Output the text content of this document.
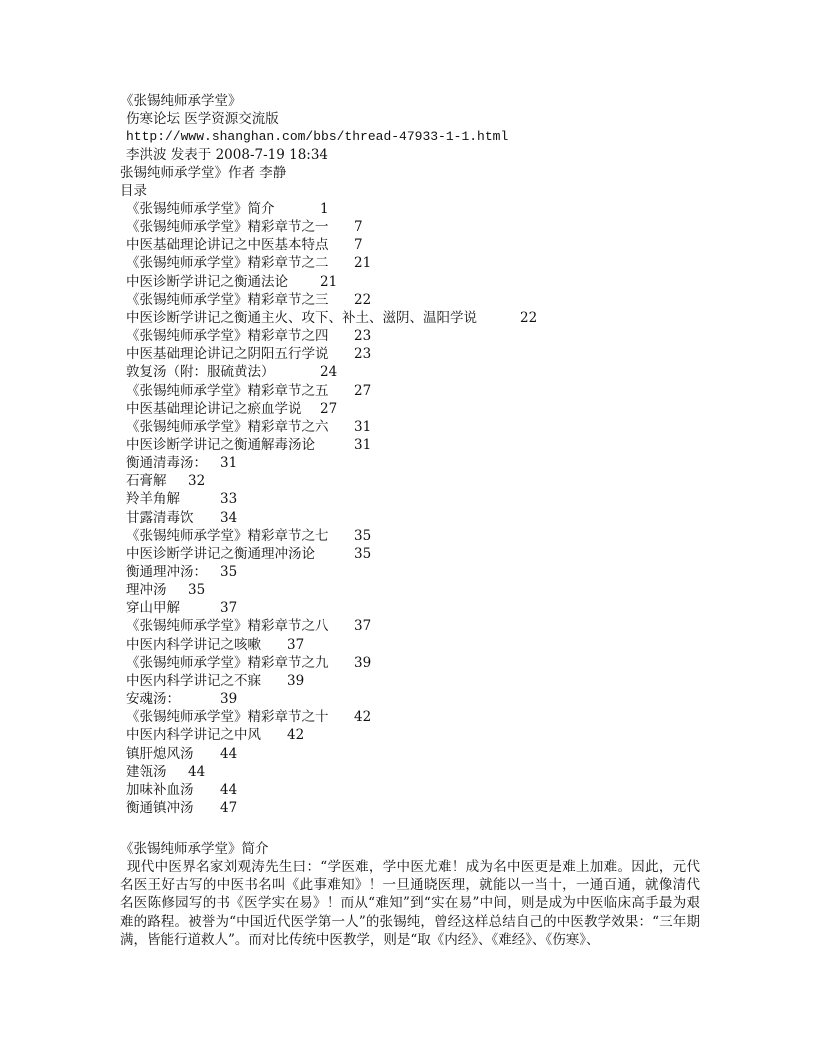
《张锡纯师承学堂》
伤寒论坛 医学资源交流版
http://www.shanghan.com/bbs/thread-47933-1-1.html
李洪波 发表于 2008-7-19 18:34
张锡纯师承学堂》作者 李静
目录
《张锡纯师承学堂》简介	1
《张锡纯师承学堂》精彩章节之一 7
中医基础理论讲记之中医基本特点 7
《张锡纯师承学堂》精彩章节之二 21
中医诊断学讲记之衡通法论 21
《张锡纯师承学堂》精彩章节之三 22
中医诊断学讲记之衡通主火、攻下、补土、滋阴、温阳学说	22
《张锡纯师承学堂》精彩章节之四 23
中医基础理论讲记之阴阳五行学说 23
敦复汤（附：服硫黄法）	24
《张锡纯师承学堂》精彩章节之五 27
中医基础理论讲记之瘀血学说 27
《张锡纯师承学堂》精彩章节之六 31
中医诊断学讲记之衡通解毒汤论	31
衡通清毒汤： 31
石膏解 32
羚羊角解	33
甘露清毒饮 34
《张锡纯师承学堂》精彩章节之七 35
中医诊断学讲记之衡通理冲汤论	35
衡通理冲汤： 35
理冲汤 35
穿山甲解	37
《张锡纯师承学堂》精彩章节之八 37
中医内科学讲记之咳嗽 37
《张锡纯师承学堂》精彩章节之九 39
中医内科学讲记之不寐 39
安魂汤：	39
《张锡纯师承学堂》精彩章节之十 42
中医内科学讲记之中风 42
镇肝熄风汤 44
建瓴汤 44
加味补血汤 44
衡通镇冲汤 47
《张锡纯师承学堂》简介

现代中医界名家刘观涛先生曰：“学医难，学中医尤难！成为名中医更是难上加难。因此，元代名医王好古写的中医书名叫《此事难知》！一旦通晓医理，就能以一当十，一通百通，就像清代名医陈修园写的书《医学实在易》！而从“难知”到“实在易”中间，则是成为中医临床高手最为艰难的路程。被誉为“中国近代医学第一人”的张锡纯，曾经这样总结自己的中医教学效果：“三年期满，皆能行道救人”。而对比传统中医教学，则是“取《内经》、《难经》、《伤寒》、
